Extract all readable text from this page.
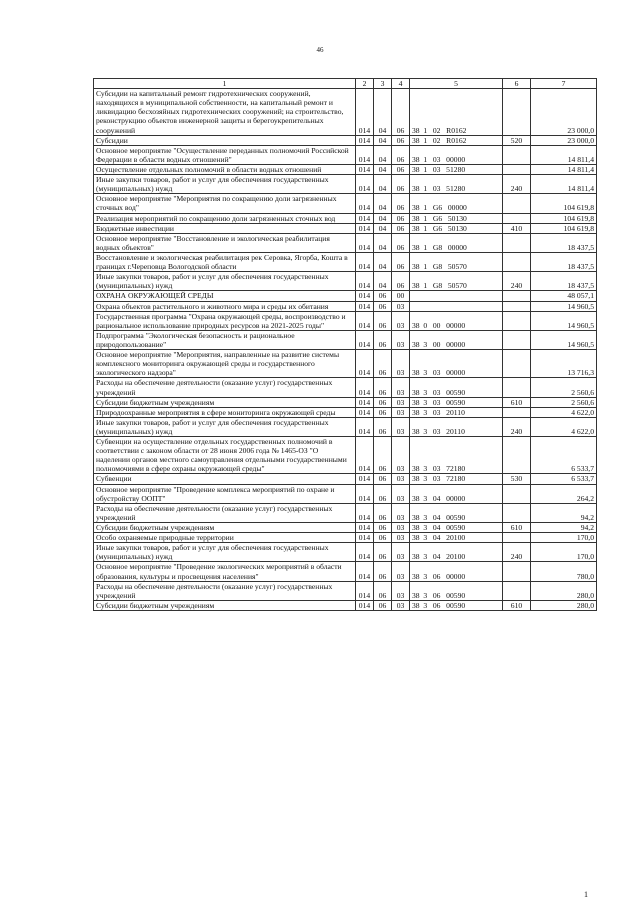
46
1	2	3	4	5	6	7
Субсидии на капитальный ремонт гидротехнических сооружений, находящихся в муниципальной собственности, на капитальный ремонт и ликвидацию бесхозяйных гидротехнических сооружений; на строительство, реконструкцию объектов инженерной защиты и берегоукрепительных сооружений	014	04	06	38  1   02   R0162		23 000,0
Субсидии	014	04	06	38  1   02   R0162	520	23 000,0
Основное мероприятие "Осуществление переданных полномочий Российской Федерации в области водных отношений"	014	04	06	38  1   03   00000		14 811,4
Осуществление отдельных полномочий в области водных отношений	014	04	06	38  1   03   51280		14 811,4
Иные закупки товаров, работ и услуг для обеспечения государственных (муниципальных) нужд	014	04	06	38  1   03   51280	240	14 811,4
Основное мероприятие "Мероприятия по сокращению доли загрязненных сточных вод"	014	04	06	38  1   G6   00000		104 619,8
Реализация мероприятий по сокращению доли загрязненных сточных вод	014	04	06	38  1   G6   50130		104 619,8
Бюджетные инвестиции	014	04	06	38  1   G6   50130	410	104 619,8
Основное мероприятие "Восстановление и экологическая реабилитация водных объектов"	014	04	06	38  1   G8   00000		18 437,5
Восстановление и экологическая реабилитация рек Серовка, Ягорба, Кошта в границах г.Череповца Вологодской области	014	04	06	38  1   G8   50570		18 437,5
Иные закупки товаров, работ и услуг для обеспечения государственных (муниципальных) нужд	014	04	06	38  1   G8   50570	240	18 437,5
ОХРАНА ОКРУЖАЮЩЕЙ СРЕДЫ	014	06	00			48 057,1
Охрана объектов растительного и животного мира и среды их обитания	014	06	03			14 960,5
Государственная программа "Охрана окружающей среды, воспроизводство и рациональное использование природных ресурсов на 2021-2025 годы"	014	06	03	38  0   00   00000		14 960,5
Подпрограмма "Экологическая безопасность и рациональное природопользование"	014	06	03	38  3   00   00000		14 960,5
Основное мероприятие "Мероприятия, направленные на развитие системы комплексного мониторинга окружающей среды и государственного экологического надзора"	014	06	03	38  3   03   00000		13 716,3
Расходы на обеспечение деятельности (оказание услуг) государственных учреждений	014	06	03	38  3   03   00590		2 560,6
Субсидии бюджетным учреждениям	014	06	03	38  3   03   00590	610	2 560,6
Природоохранные мероприятия в сфере мониторинга окружающей среды	014	06	03	38  3   03   20110		4 622,0
Иные закупки товаров, работ и услуг для обеспечения государственных (муниципальных) нужд	014	06	03	38  3   03   20110	240	4 622,0
Субвенции на осуществление отдельных государственных полномочий в соответствии с законом области от 28 июня 2006 года № 1465-ОЗ "О наделении органов местного самоуправления отдельными государственными полномочиями в сфере охраны окружающей среды"	014	06	03	38  3   03   72180		6 533,7
Субвенции	014	06	03	38  3   03   72180	530	6 533,7
Основное мероприятие "Проведение комплекса мероприятий по охране и обустройству ООПТ"	014	06	03	38  3   04   00000		264,2
Расходы на обеспечение деятельности (оказание услуг) государственных учреждений	014	06	03	38  3   04   00590		94,2
Субсидии бюджетным учреждениям	014	06	03	38  3   04   00590	610	94,2
Особо охраняемые природные территории	014	06	03	38  3   04   20100		170,0
Иные закупки товаров, работ и услуг для обеспечения государственных (муниципальных) нужд	014	06	03	38  3   04   20100	240	170,0
Основное мероприятие "Проведение экологических мероприятий в области образования, культуры и просвещения населения"	014	06	03	38  3   06   00000		780,0
Расходы на обеспечение деятельности (оказание услуг) государственных учреждений	014	06	03	38  3   06   00590		280,0
Субсидии бюджетным учреждениям	014	06	03	38  3   06   00590	610	280,0
1
